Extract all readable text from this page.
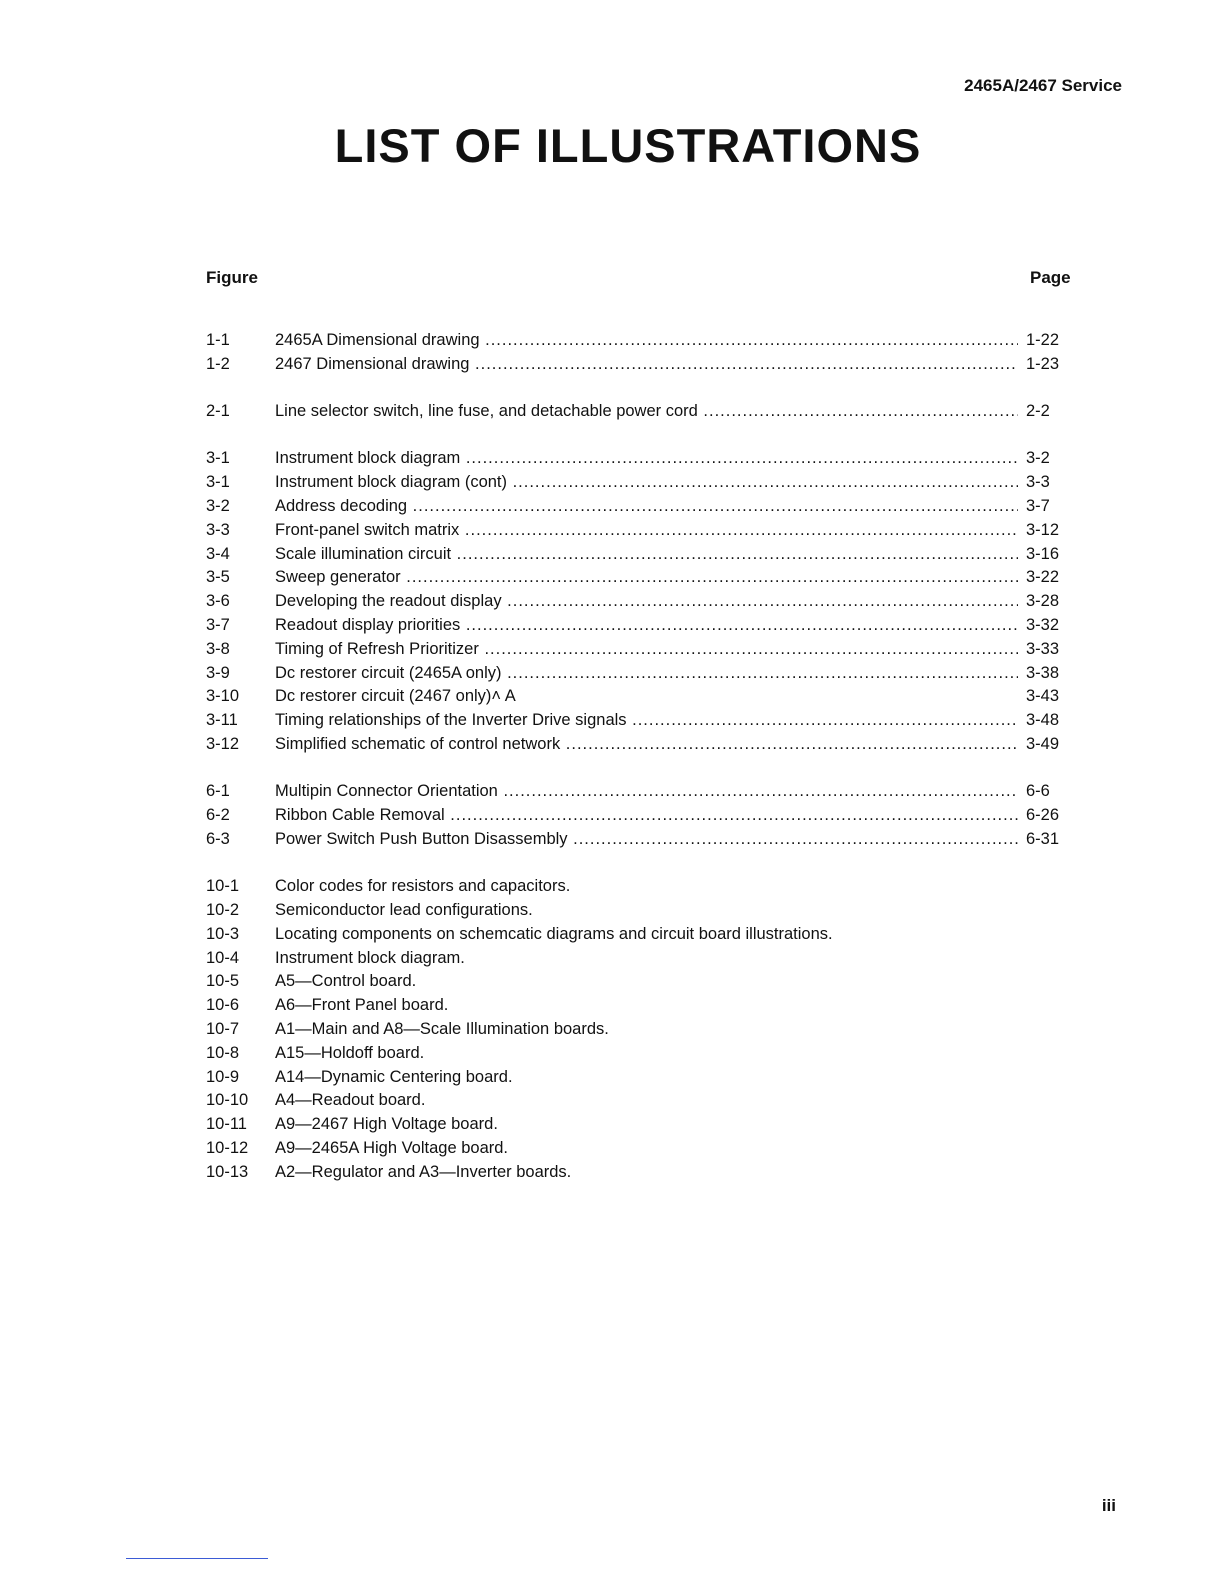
2465A/2467 Service
LIST OF ILLUSTRATIONS
Figure	Page
1-1	2465A Dimensional drawing .....	1-22
1-2	2467 Dimensional drawing .....	1-23
2-1	Line selector switch, line fuse, and detachable power cord .....	2-2
3-1	Instrument block diagram .....	3-2
3-1	Instrument block diagram (cont) .....	3-3
3-2	Address decoding .....	3-7
3-3	Front-panel switch matrix .....	3-12
3-4	Scale illumination circuit .....	3-16
3-5	Sweep generator .....	3-22
3-6	Developing the readout display .....	3-28
3-7	Readout display priorities .....	3-32
3-8	Timing of Refresh Prioritizer .....	3-33
3-9	Dc restorer circuit (2465A only) .....	3-38
3-10 Dc restorer circuit (2467 only)˄ A	3-43
3-11 Timing relationships of the Inverter Drive signals .....	3-48
3-12 Simplified schematic of control network .....	3-49
6-1	Multipin Connector Orientation .....	6-6
6-2	Ribbon Cable Removal .....	6-26
6-3	Power Switch Push Button Disassembly .....	6-31
10-1 Color codes for resistors and capacitors.
10-2 Semiconductor lead configurations.
10-3 Locating components on schemcatic diagrams and circuit board illustrations.
10-4 Instrument block diagram.
10-5 A5—Control board.
10-6 A6—Front Panel board.
10-7 A1—Main and A8—Scale Illumination boards.
10-8 A15—Holdoff board.
10-9 A14—Dynamic Centering board.
10-10 A4—Readout board.
10-11 A9—2467 High Voltage board.
10-12 A9—2465A High Voltage board.
10-13 A2—Regulator and A3—Inverter boards.
iii
